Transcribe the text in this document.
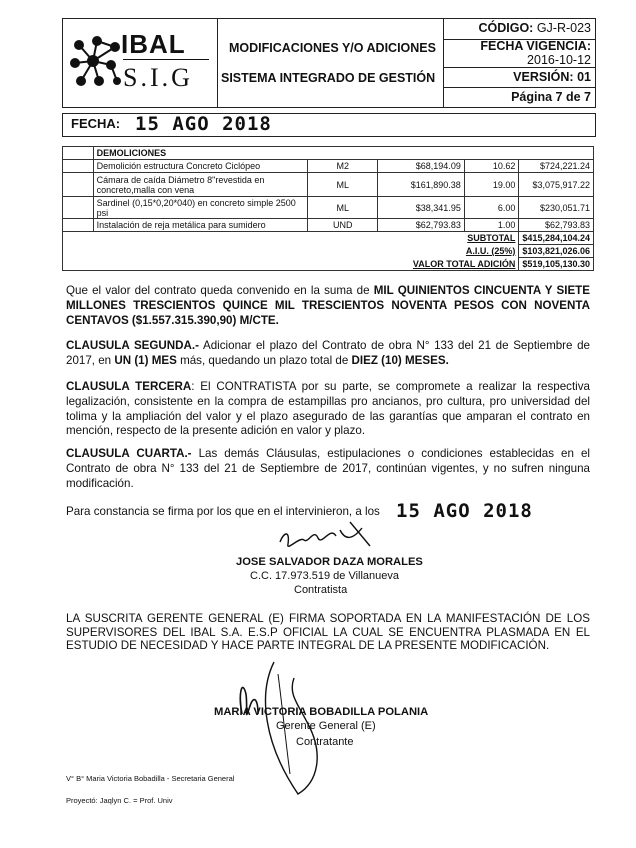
IBAL
S.I.G
MODIFICACIONES Y/O ADICIONES
SISTEMA INTEGRADO DE GESTIÓN
CÓDIGO: GJ-R-023
FECHA VIGENCIA:
2016-10-12
VERSIÓN: 01
Página 7 de 7
FECHA: 15 AGO 2018
	DEMOLICIONES				
	Demolición estructura Concreto Ciclópeo	M2	$68,194.09	10.62	$724,221.24
	Cámara de caída Diámetro 8"revestida en concreto,malla con vena	ML	$161,890.38	19.00	$3,075,917.22
	Sardinel (0,15*0,20*040) en concreto simple 2500 psi	ML	$38,341.95	6.00	$230,051.71
	Instalación de reja metálica para sumidero	UND	$62,793.83	1.00	$62,793.83
	SUBTOTAL				$415,284,104.24
	A.I.U. (25%)				$103,821,026.06
	VALOR TOTAL ADICIÓN				$519,105,130.30

Que el valor del contrato queda convenido en la suma de MIL QUINIENTOS CINCUENTA Y SIETE MILLONES TRESCIENTOS QUINCE MIL TRESCIENTOS NOVENTA PESOS CON NOVENTA CENTAVOS ($1.557.315.390,90) M/CTE.

CLAUSULA SEGUNDA.- Adicionar el plazo del Contrato de obra N° 133 del 21 de Septiembre de 2017, en UN (1) MES más, quedando un plazo total de DIEZ (10) MESES.

CLAUSULA TERCERA: El CONTRATISTA por su parte, se compromete a realizar la respectiva legalización, consistente en la compra de estampillas pro ancianos, pro cultura, pro universidad del tolima y la ampliación del valor y el plazo asegurado de las garantías que amparan el contrato en mención, respecto de la presente adición en valor y plazo.

CLAUSULA CUARTA.- Las demás Cláusulas, estipulaciones o condiciones establecidas en el Contrato de obra N° 133 del 21 de Septiembre de 2017, continúan vigentes, y no sufren ninguna modificación.

Para constancia se firma por los que en el intervinieron, a los 15 AGO 2018
JOSE SALVADOR DAZA MORALES
C.C. 17.973.519 de Villanueva
Contratista

LA SUSCRITA GERENTE GENERAL (E) FIRMA SOPORTADA EN LA MANIFESTACIÓN DE LOS SUPERVISORES DEL IBAL S.A. E.S.P OFICIAL LA CUAL SE ENCUENTRA PLASMADA EN EL ESTUDIO DE NECESIDAD Y HACE PARTE INTEGRAL DE LA PRESENTE MODIFICACIÓN.

MARIA VICTORIA BOBADILLA POLANIA
Gerente General (E)
Contratante
V° B° Maria Victoria Bobadilla - Secretaria General
Proyectó: Jaqlyn C. = Prof. Univ
